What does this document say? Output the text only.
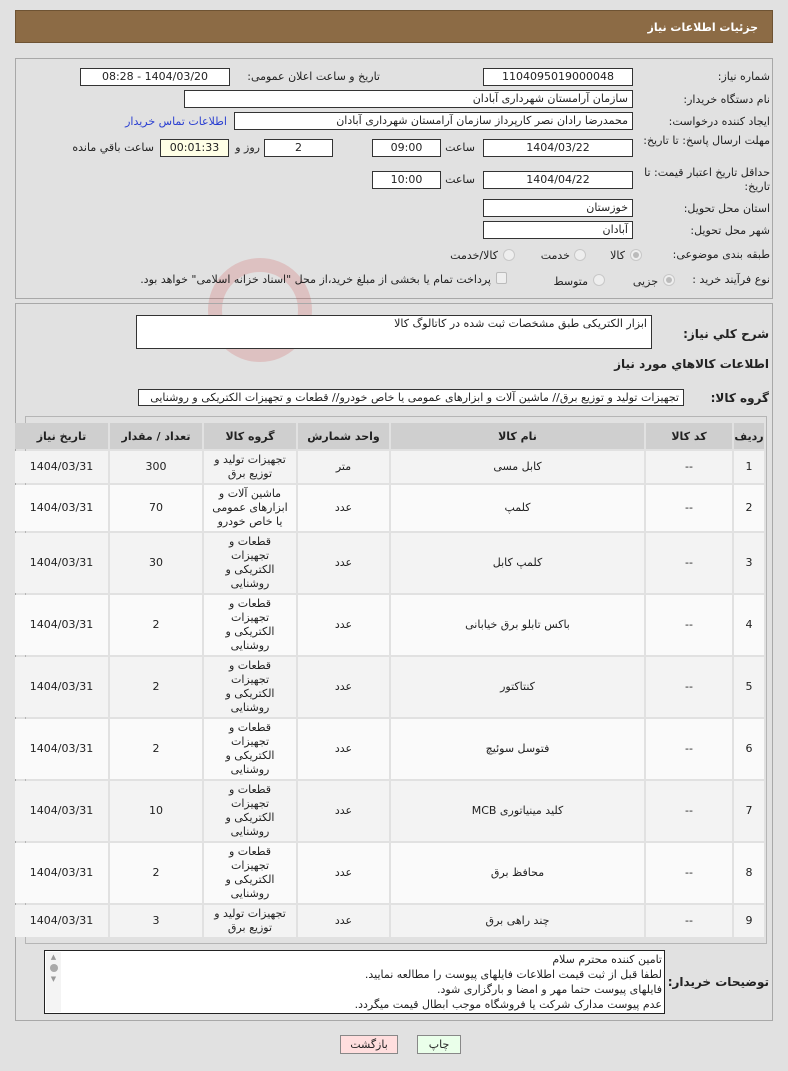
جزئیات اطلاعات نیاز
شماره نیاز:
1104095019000048
تاریخ و ساعت اعلان عمومی:
1404/03/20 - 08:28
نام دستگاه خریدار:
سازمان آرامستان شهرداری آبادان
ایجاد کننده درخواست:
محمدرضا رادان نصر کارپرداز سازمان آرامستان شهرداری آبادان
اطلاعات تماس خریدار
مهلت ارسال پاسخ: تا تاریخ:
1404/03/22
ساعت
09:00
2
روز و
00:01:33
ساعت باقي مانده
حداقل تاریخ اعتبار قیمت: تا تاریخ:
1404/04/22
ساعت
10:00
استان محل تحویل:
خوزستان
شهر محل تحویل:
آبادان
طبقه بندی موضوعی:
کالا
خدمت
کالا/خدمت
نوع فرآیند خرید :
جزیی
متوسط
پرداخت تمام یا بخشی از مبلغ خرید،از محل "اسناد خزانه اسلامی" خواهد بود.
شرح كلي نیاز:
ابزار الکتریکی طبق مشخصات ثبت شده در کاتالوگ کالا
اطلاعات كالاهاي مورد نیاز
گروه کالا:
تجهیزات تولید و توزیع برق// ماشین آلات و ابزارهای عمومی یا خاص خودرو// قطعات و تجهیزات الکتریکی و روشنایی
ردیف	کد کالا	نام کالا	واحد شمارش	گروه کالا	تعداد / مقدار	تاریخ نیاز
1	--	کابل مسی	متر	تجهیزات تولید و توزیع برق	300	1404/03/31
2	--	کلمپ	عدد	ماشین آلات و ابزارهای عمومی یا خاص خودرو	70	1404/03/31
3	--	کلمپ کابل	عدد	قطعات و تجهیزات الکتریکی و روشنایی	30	1404/03/31
4	--	باکس تابلو برق خیابانی	عدد	قطعات و تجهیزات الکتریکی و روشنایی	2	1404/03/31
5	--	کنتاکتور	عدد	قطعات و تجهیزات الکتریکی و روشنایی	2	1404/03/31
6	--	فتوسل سوئیچ	عدد	قطعات و تجهیزات الکتریکی و روشنایی	2	1404/03/31
7	--	کلید مینیاتوری MCB	عدد	قطعات و تجهیزات الکتریکی و روشنایی	10	1404/03/31
8	--	محافظ برق	عدد	قطعات و تجهیزات الکتریکی و روشنایی	2	1404/03/31
9	--	چند راهی برق	عدد	تجهیزات تولید و توزیع برق	3	1404/03/31
توضیحات خریدار:
تامین کننده محترم سلام
لطفا قبل از ثبت قیمت اطلاعات فایلهای پیوست را مطالعه نمایید.
فایلهای پیوست حتما مهر و امضا و بارگزاری شود.
عدم پیوست مدارک شرکت یا فروشگاه موجب ابطال قیمت میگردد.
▲
▼
چاپ
بازگشت
